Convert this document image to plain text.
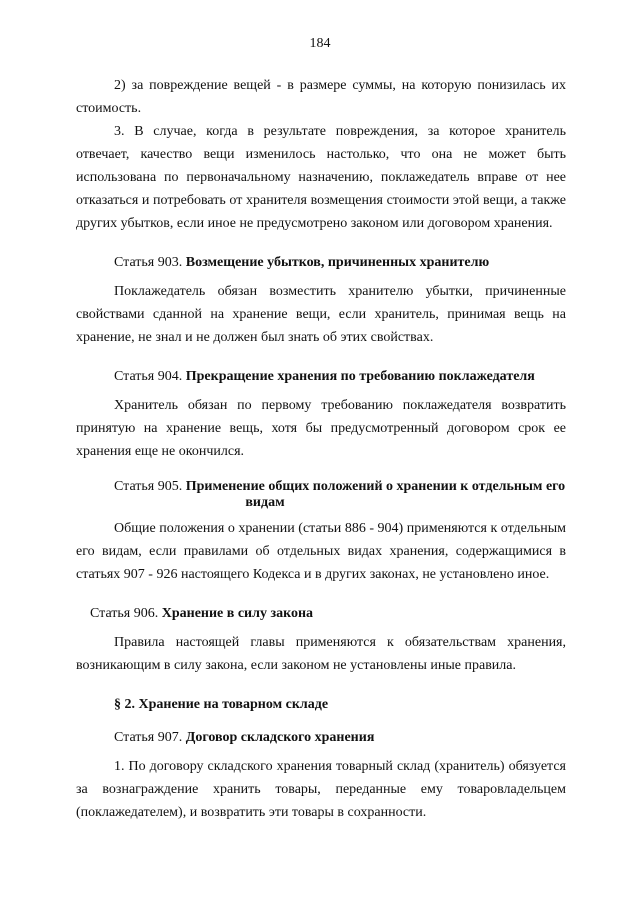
184

2) за повреждение вещей - в размере суммы, на которую понизилась их стоимость.

3. В случае, когда в результате повреждения, за которое хранитель отвечает, качество вещи изменилось настолько, что она не может быть использована по первоначальному назначению, поклажедатель вправе от нее отказаться и потребовать от хранителя возмещения стоимости этой вещи, а также других убытков, если иное не предусмотрено законом или договором хранения.

Статья 903. Возмещение убытков, причиненных хранителю

Поклажедатель обязан возместить хранителю убытки, причиненные свойствами сданной на хранение вещи, если хранитель, принимая вещь на хранение, не знал и не должен был знать об этих свойствах.

Статья 904. Прекращение хранения по требованию поклажедателя

Хранитель обязан по первому требованию поклажедателя возвратить принятую на хранение вещь, хотя бы предусмотренный договором срок ее хранения еще не окончился.

Статья 905. Применение общих положений о хранении к отдельным его
видам

Общие положения о хранении (статьи 886 - 904) применяются к отдельным его видам, если правилами об отдельных видах хранения, содержащимися в статьях 907 - 926 настоящего Кодекса и в других законах, не установлено иное.

Статья 906. Хранение в силу закона

Правила настоящей главы применяются к обязательствам хранения, возникающим в силу закона, если законом не установлены иные правила.

§ 2. Хранение на товарном складе
Статья 907. Договор складского хранения

1. По договору складского хранения товарный склад (хранитель) обязуется за вознаграждение хранить товары, переданные ему товаровладельцем (поклажедателем), и возвратить эти товары в сохранности.
